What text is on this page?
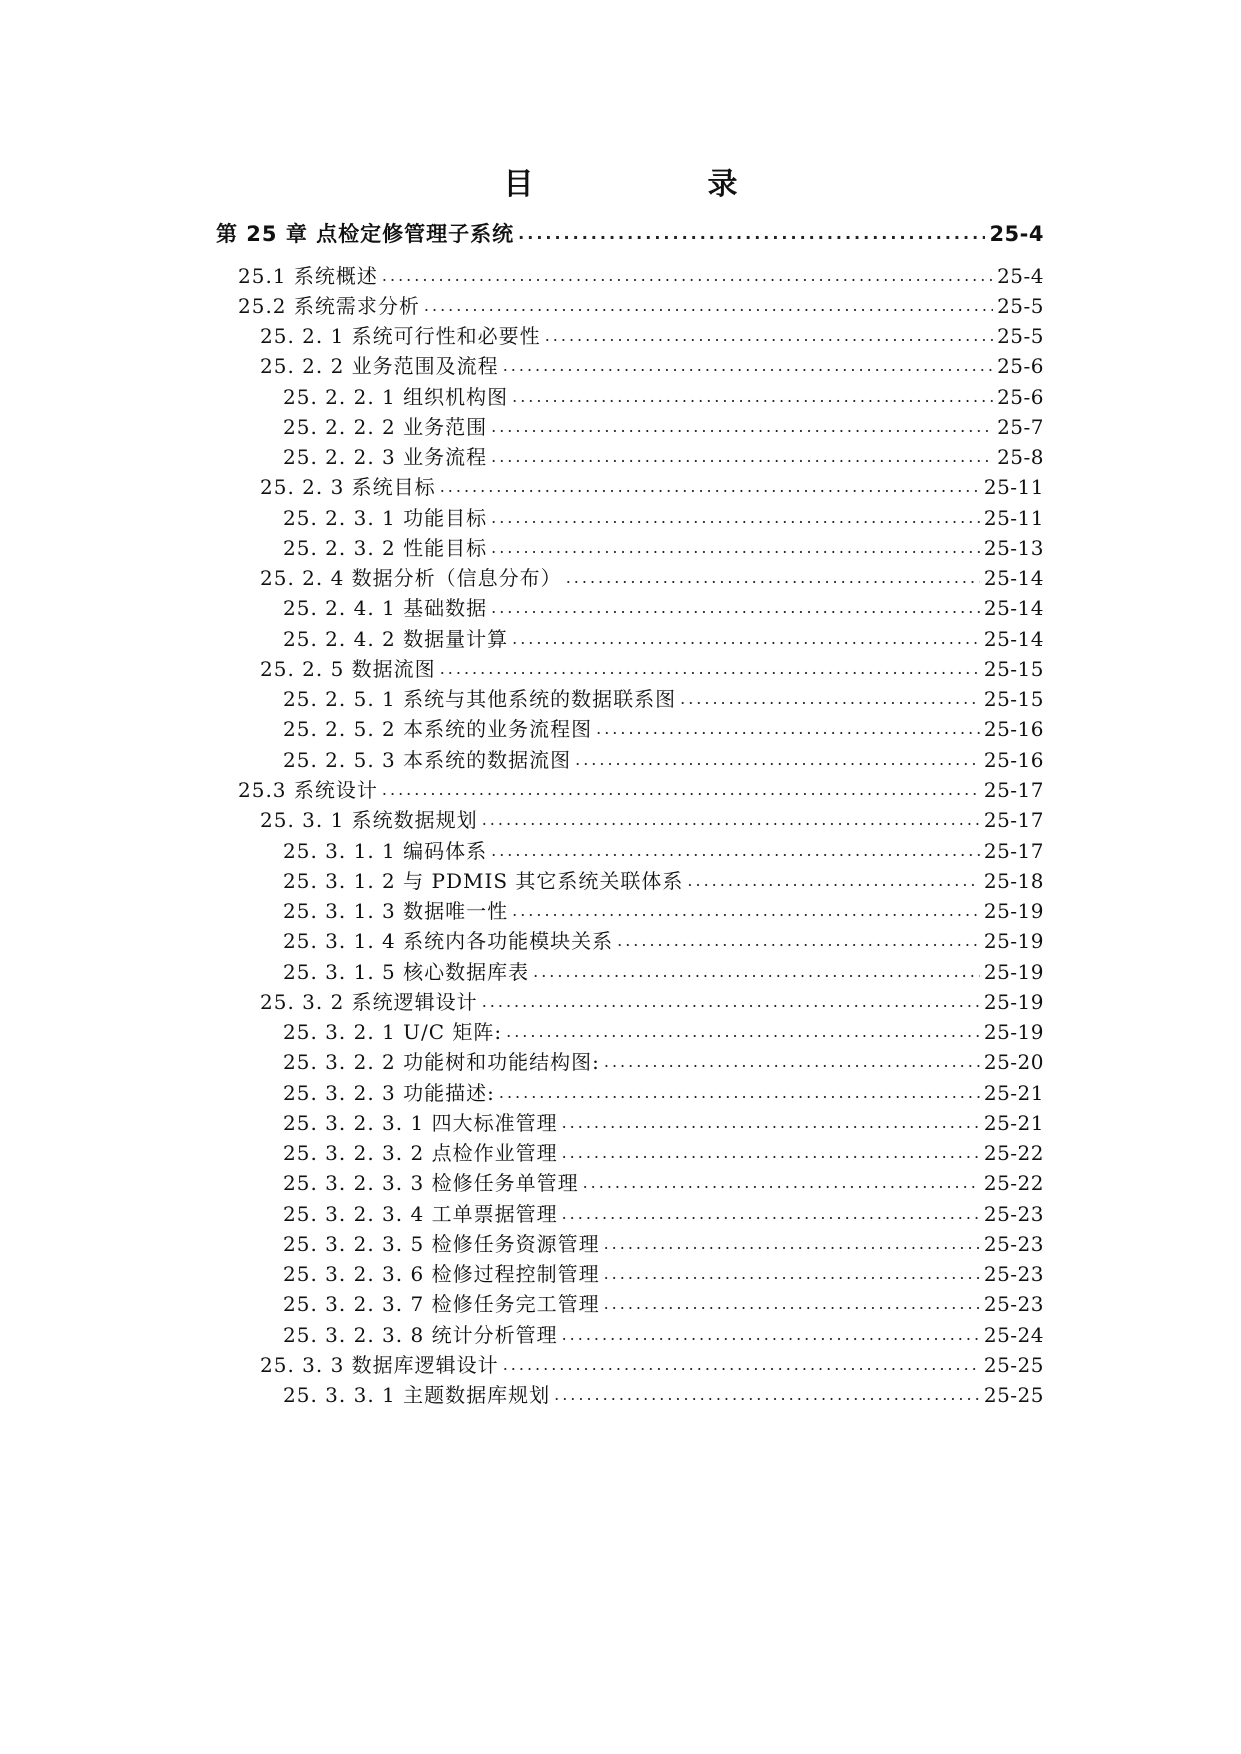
目　录
第 25 章 点检定修管理子系统 .....	25-4
25.1 系统概述 .....	25-4
25.2 系统需求分析 .....	25-5
25. 2. 1 系统可行性和必要性 .....	25-5
25. 2. 2 业务范围及流程 .....	25-6
25. 2. 2. 1 组织机构图 .....	25-6
25. 2. 2. 2 业务范围 .....	25-7
25. 2. 2. 3 业务流程 .....	25-8
25. 2. 3 系统目标 .....	25-11
25. 2. 3. 1 功能目标 .....	25-11
25. 2. 3. 2 性能目标 .....	25-13
25. 2. 4 数据分析（信息分布） .....	25-14
25. 2. 4. 1 基础数据 .....	25-14
25. 2. 4. 2 数据量计算 .....	25-14
25. 2. 5 数据流图 .....	25-15
25. 2. 5. 1 系统与其他系统的数据联系图 .....	25-15
25. 2. 5. 2 本系统的业务流程图 .....	25-16
25. 2. 5. 3 本系统的数据流图 .....	25-16
25.3 系统设计 .....	25-17
25. 3. 1 系统数据规划 .....	25-17
25. 3. 1. 1 编码体系 .....	25-17
25. 3. 1. 2 与 PDMIS 其它系统关联体系 .....	25-18
25. 3. 1. 3 数据唯一性 .....	25-19
25. 3. 1. 4 系统内各功能模块关系 .....	25-19
25. 3. 1. 5 核心数据库表 .....	25-19
25. 3. 2 系统逻辑设计 .....	25-19
25. 3. 2. 1 U/C 矩阵: .....	25-19
25. 3. 2. 2 功能树和功能结构图: .....	25-20
25. 3. 2. 3 功能描述: .....	25-21
25. 3. 2. 3. 1 四大标准管理 .....	25-21
25. 3. 2. 3. 2 点检作业管理 .....	25-22
25. 3. 2. 3. 3 检修任务单管理 .....	25-22
25. 3. 2. 3. 4 工单票据管理 .....	25-23
25. 3. 2. 3. 5 检修任务资源管理 .....	25-23
25. 3. 2. 3. 6 检修过程控制管理 .....	25-23
25. 3. 2. 3. 7 检修任务完工管理 .....	25-23
25. 3. 2. 3. 8 统计分析管理 .....	25-24
25. 3. 3 数据库逻辑设计 .....	25-25
25. 3. 3. 1 主题数据库规划 .....	25-25
